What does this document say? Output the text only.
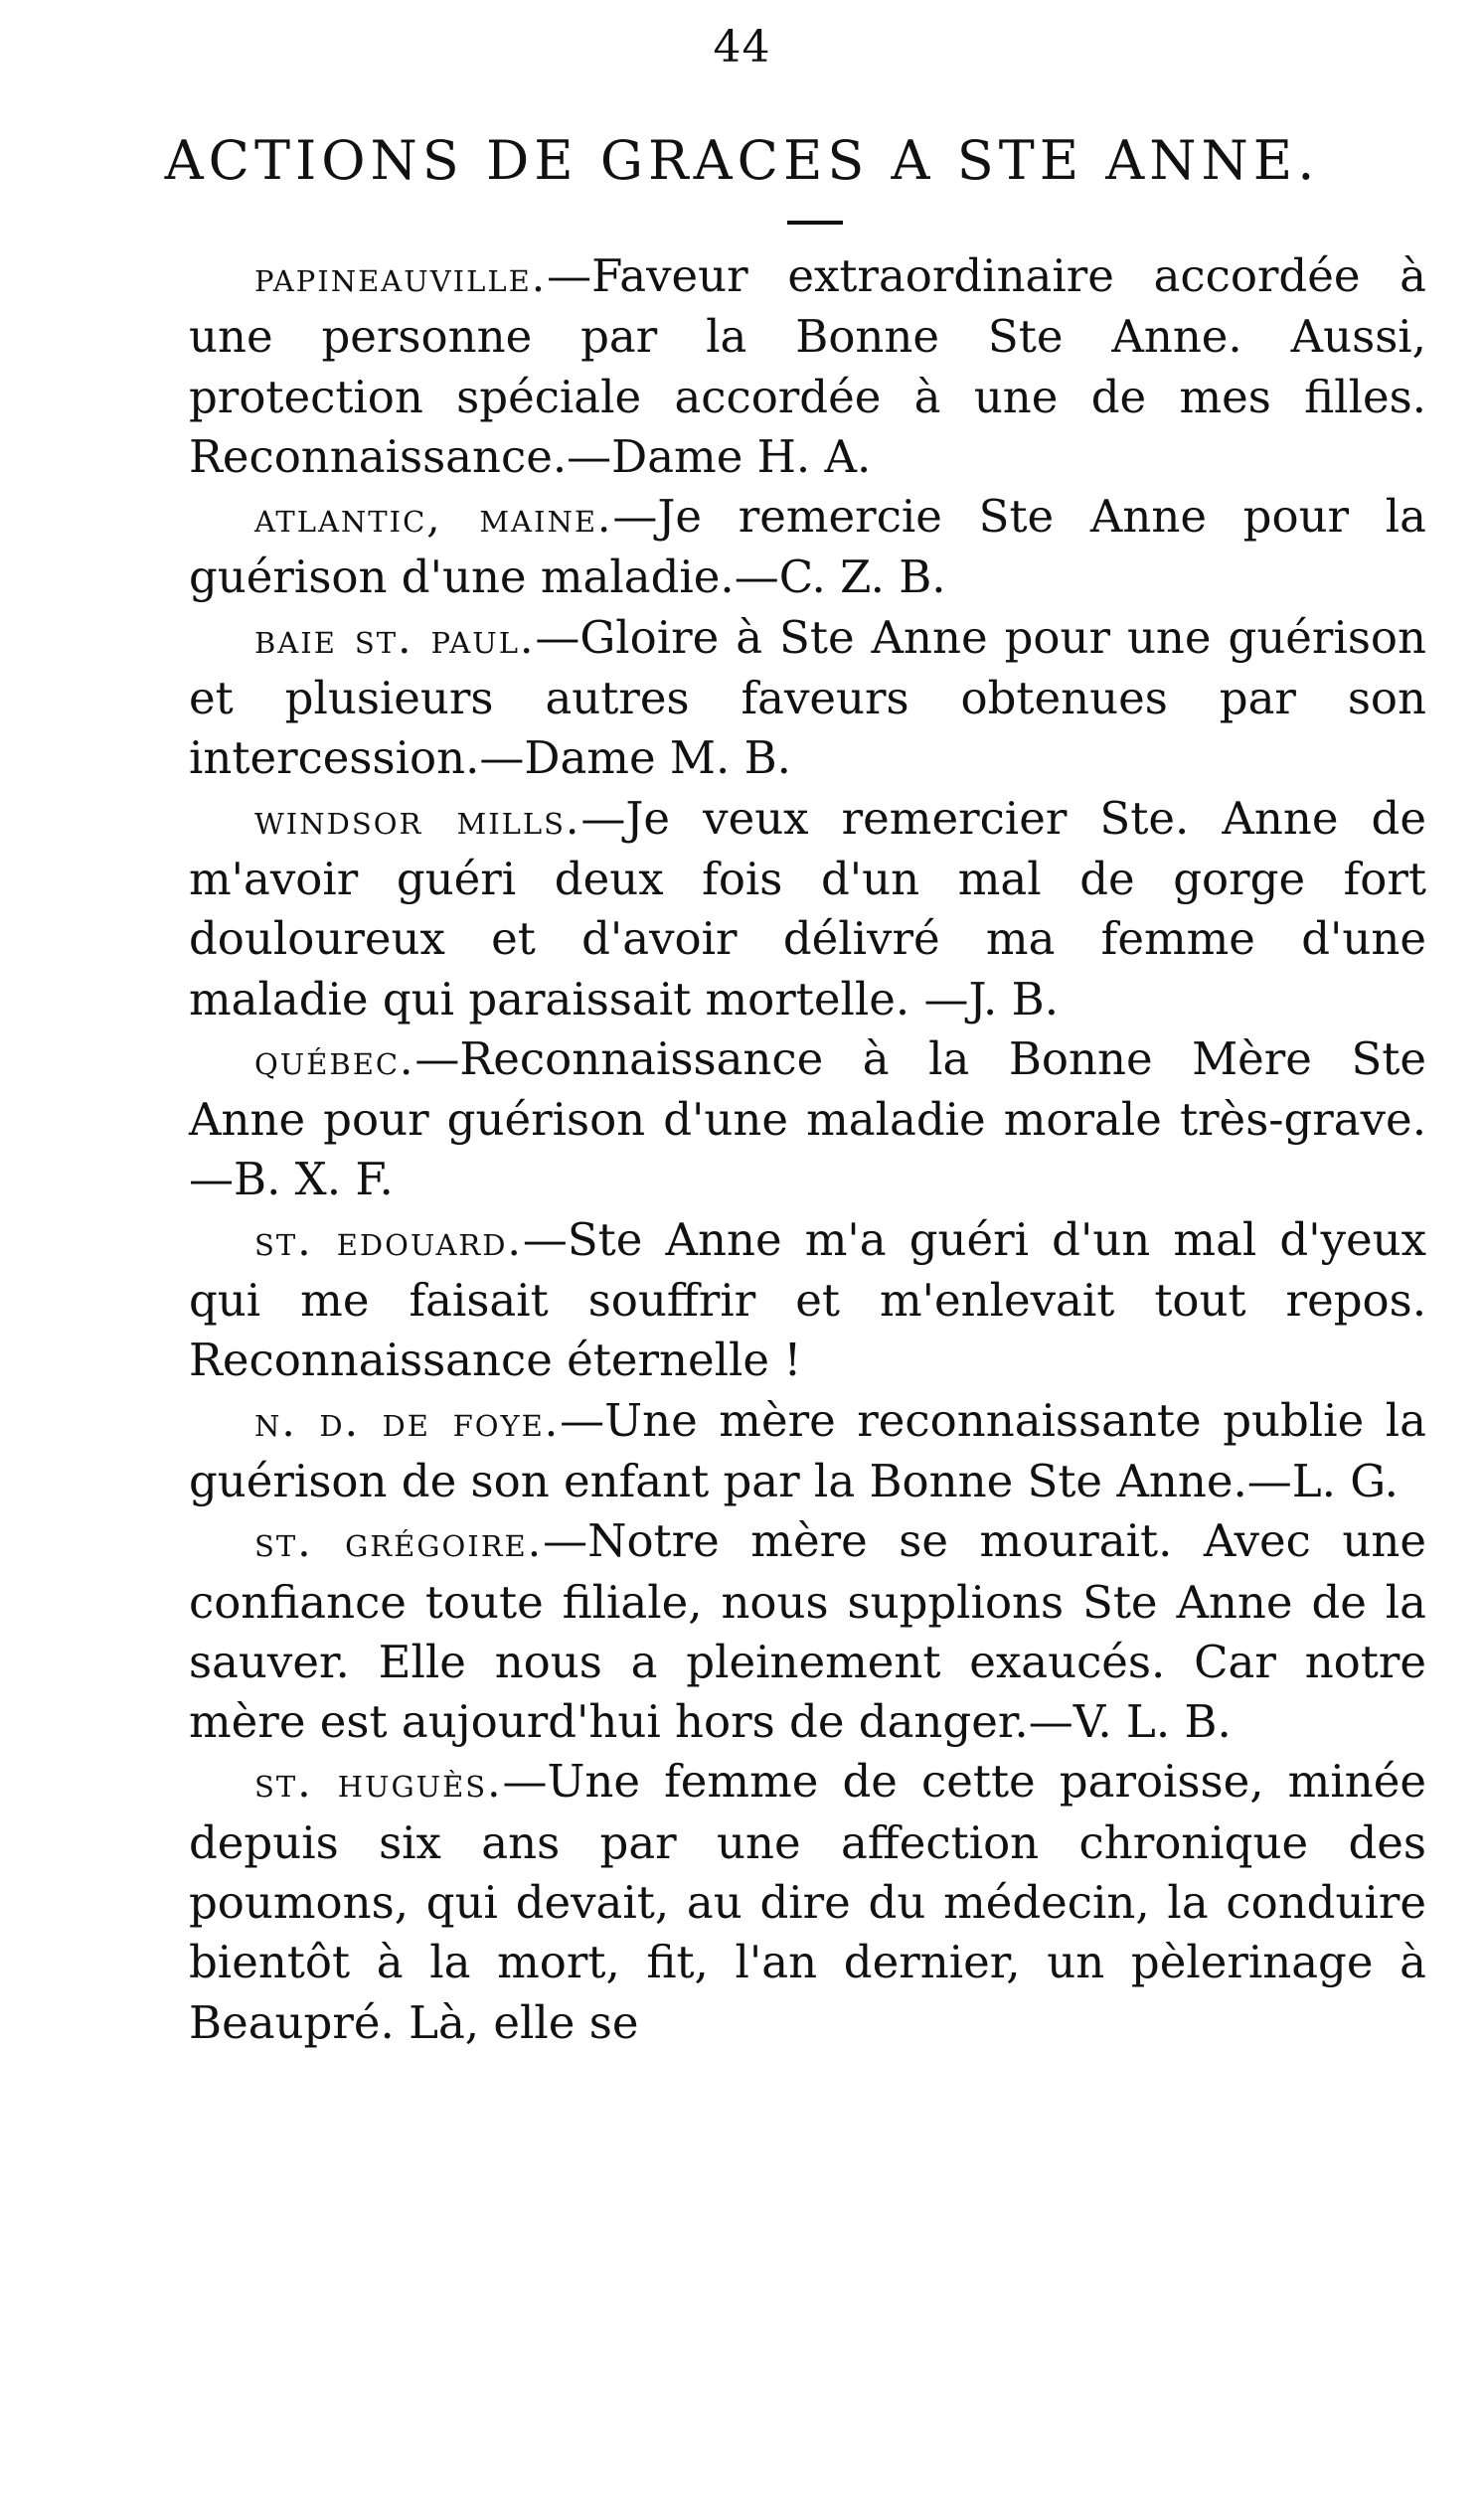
44
ACTIONS DE GRACES A STE ANNE.

papineauville.—Faveur extraordinaire accordée à une personne par la Bonne Ste Anne. Aussi, protection spéciale accordée à une de mes filles. Reconnaissance.—Dame H. A.

atlantic, maine.—Je remercie Ste Anne pour la guérison d'une maladie.—C. Z. B.

baie st. paul.—Gloire à Ste Anne pour une guérison et plusieurs autres faveurs obtenues par son intercession.—Dame M. B.

windsor mills.—Je veux remercier Ste. Anne de m'avoir guéri deux fois d'un mal de gorge fort douloureux et d'avoir délivré ma femme d'une maladie qui paraissait mortelle. —J. B.

québec.—Reconnaissance à la Bonne Mère Ste Anne pour guérison d'une maladie morale très-grave.—B. X. F.

st. edouard.—Ste Anne m'a guéri d'un mal d'yeux qui me faisait souffrir et m'enlevait tout repos. Reconnaissance éternelle !

n. d. de foye.—Une mère reconnaissante publie la guérison de son enfant par la Bonne Ste Anne.—L. G.

st. grégoire.—Notre mère se mourait. Avec une confiance toute filiale, nous supplions Ste Anne de la sauver. Elle nous a pleinement exaucés. Car notre mère est aujourd'hui hors de danger.—V. L. B.

st. huguès.—Une femme de cette paroisse, minée depuis six ans par une affection chronique des poumons, qui devait, au dire du médecin, la conduire bientôt à la mort, fit, l'an dernier, un pèlerinage à Beaupré. Là, elle se
